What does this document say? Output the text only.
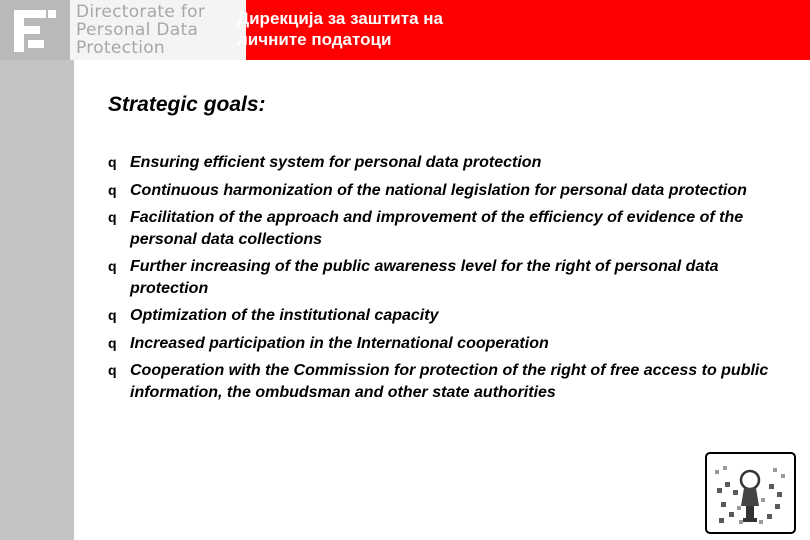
Directorate for
Personal Data
Protection
Дирекција за заштита на
личните податоци
Strategic goals:
q Ensuring efficient system for personal data protection
q Continuous harmonization of the national legislation for personal data protection
q Facilitation of the approach and improvement of the efficiency of evidence of the personal data collections
q Further increasing of the public awareness level for the right of personal data protection
q Optimization of the institutional capacity
q Increased participation in the International cooperation
q Cooperation with the Commission for protection of the right of free access to public information, the ombudsman and other state authorities
